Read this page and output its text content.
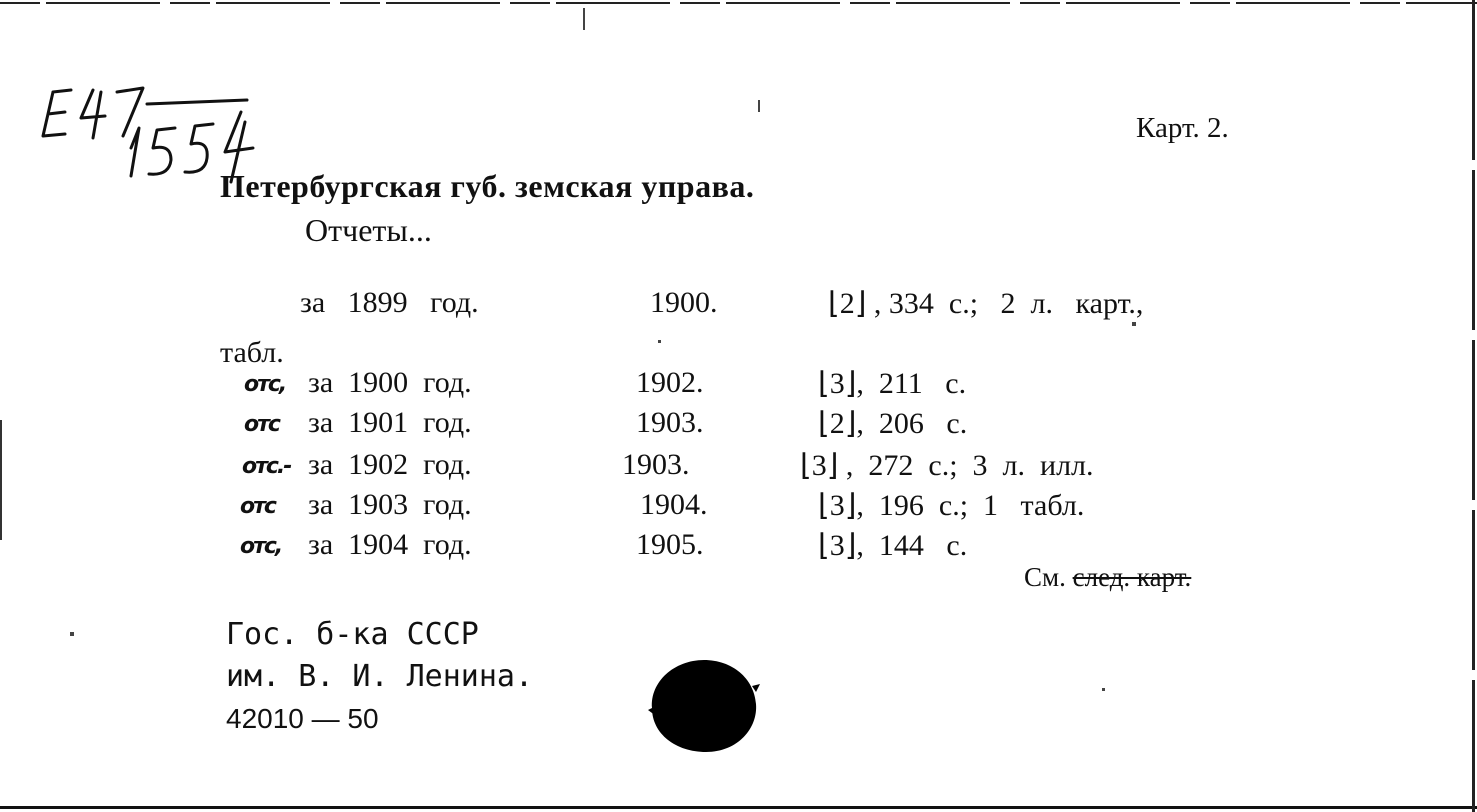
Карт. 2.
Петербургская губ. земская управа.
Отчеты...
за   1899   год.	1900.	⌊2⌋ , 334  с.;   2  л.   карт.,
табл.
отс, за  1900  год.	1902.	⌊3⌋,  211   с.
отс за  1901  год.	1903.	⌊2⌋,  206   с.
отс.- за  1902  год.	1903.	⌊3⌋ ,  272  с.;  3  л.  илл.
отс за  1903  год.	1904.	⌊3⌋,  196  с.;  1   табл.
отс, за  1904  год.	1905.	⌊3⌋,  144   с.
См. след. карт.
Гос. б-ка СССР
им. В. И. Ленина.
42010 — 50
